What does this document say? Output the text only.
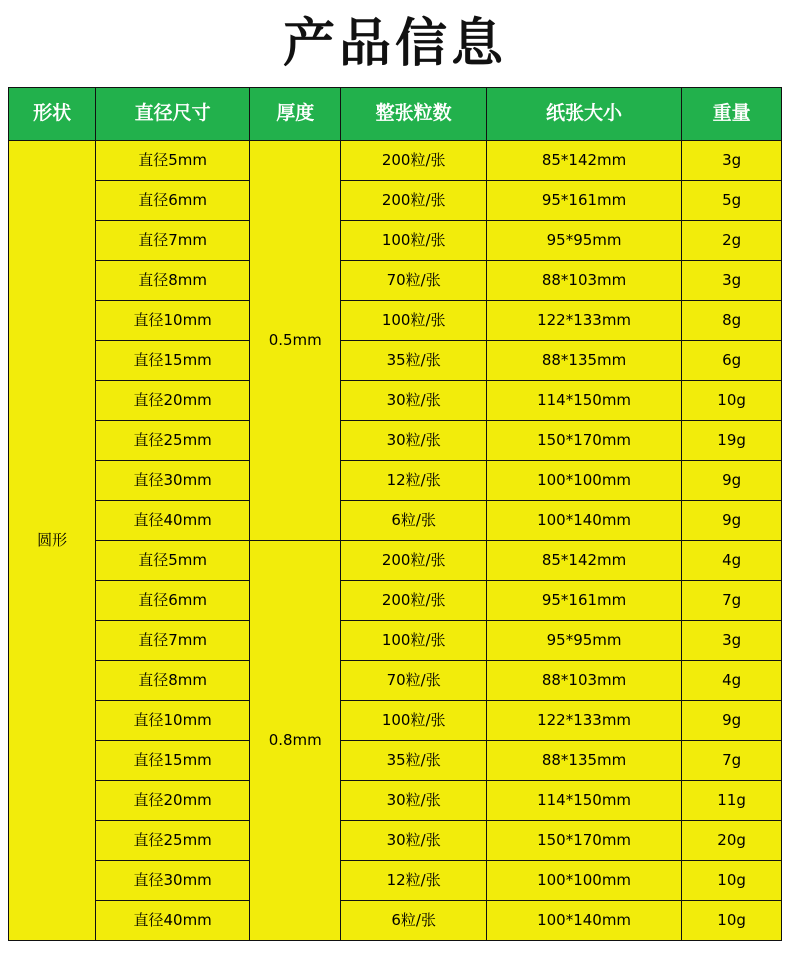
产品信息
形状	直径尺寸	厚度	整张粒数	纸张大小	重量
圆形	直径5mm	0.5mm	200粒/张	85*142mm	3g
	直径6mm		200粒/张	95*161mm	5g
	直径7mm		100粒/张	95*95mm	2g
	直径8mm		70粒/张	88*103mm	3g
	直径10mm		100粒/张	122*133mm	8g
	直径15mm		35粒/张	88*135mm	6g
	直径20mm		30粒/张	114*150mm	10g
	直径25mm		30粒/张	150*170mm	19g
	直径30mm		12粒/张	100*100mm	9g
	直径40mm		6粒/张	100*140mm	9g
	直径5mm	0.8mm	200粒/张	85*142mm	4g
	直径6mm		200粒/张	95*161mm	7g
	直径7mm		100粒/张	95*95mm	3g
	直径8mm		70粒/张	88*103mm	4g
	直径10mm		100粒/张	122*133mm	9g
	直径15mm		35粒/张	88*135mm	7g
	直径20mm		30粒/张	114*150mm	11g
	直径25mm		30粒/张	150*170mm	20g
	直径30mm		12粒/张	100*100mm	10g
	直径40mm		6粒/张	100*140mm	10g
